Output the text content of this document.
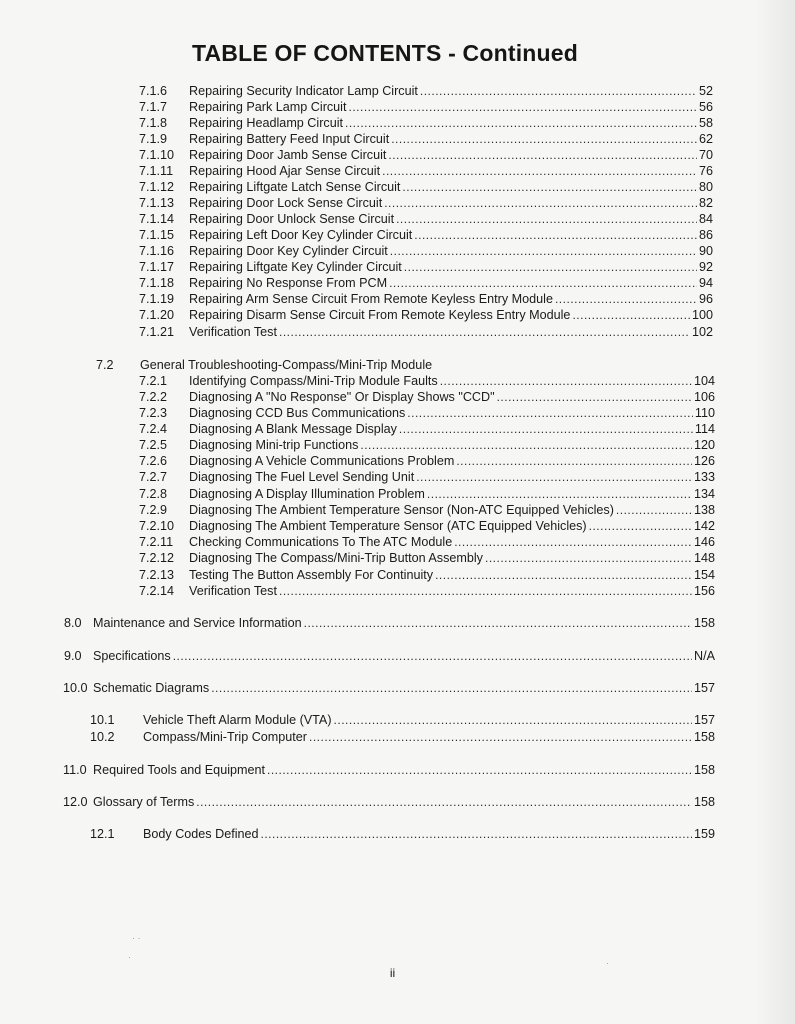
TABLE OF CONTENTS - Continued
7.1.6	Repairing Security Indicator Lamp Circuit .....	52
7.1.7	Repairing Park Lamp Circuit .....	56
7.1.8	Repairing Headlamp Circuit .....	58
7.1.9	Repairing Battery Feed Input Circuit .....	62
7.1.10	Repairing Door Jamb Sense Circuit .....	70
7.1.11	Repairing Hood Ajar Sense Circuit .....	76
7.1.12	Repairing Liftgate Latch Sense Circuit .....	80
7.1.13	Repairing Door Lock Sense Circuit .....	82
7.1.14	Repairing Door Unlock Sense Circuit .....	84
7.1.15	Repairing Left Door Key Cylinder Circuit .....	86
7.1.16	Repairing Door Key Cylinder Circuit .....	90
7.1.17	Repairing Liftgate Key Cylinder Circuit .....	92
7.1.18	Repairing No Response From PCM .....	94
7.1.19	Repairing Arm Sense Circuit From Remote Keyless Entry Module .....	96
7.1.20	Repairing Disarm Sense Circuit From Remote Keyless Entry Module .....	100
7.1.21	Verification Test .....	102
7.2	General Troubleshooting-Compass/Mini-Trip Module
7.2.1	Identifying Compass/Mini-Trip Module Faults .....	104
7.2.2	Diagnosing A "No Response" Or Display Shows "CCD" .....	106
7.2.3	Diagnosing CCD Bus Communications .....	110
7.2.4	Diagnosing A Blank Message Display .....	114
7.2.5	Diagnosing Mini-trip Functions .....	120
7.2.6	Diagnosing A Vehicle Communications Problem .....	126
7.2.7	Diagnosing The Fuel Level Sending Unit .....	133
7.2.8	Diagnosing A Display Illumination Problem .....	134
7.2.9	Diagnosing The Ambient Temperature Sensor (Non-ATC Equipped Vehicles) .....	138
7.2.10	Diagnosing The Ambient Temperature Sensor (ATC Equipped Vehicles) .....	142
7.2.11	Checking Communications To The ATC Module .....	146
7.2.12	Diagnosing The Compass/Mini-Trip Button Assembly .....	148
7.2.13	Testing The Button Assembly For Continuity .....	154
7.2.14	Verification Test .....	156
8.0 Maintenance and Service Information .....	158
9.0 Specifications .....	N/A
10.0 Schematic Diagrams .....	157
10.1	Vehicle Theft Alarm Module (VTA) .....	157
10.2	Compass/Mini-Trip Computer .....	158
11.0 Required Tools and Equipment .....	158
12.0 Glossary of Terms .....	158
12.1	Body Codes Defined .....	159
· ·
·
·
ii
